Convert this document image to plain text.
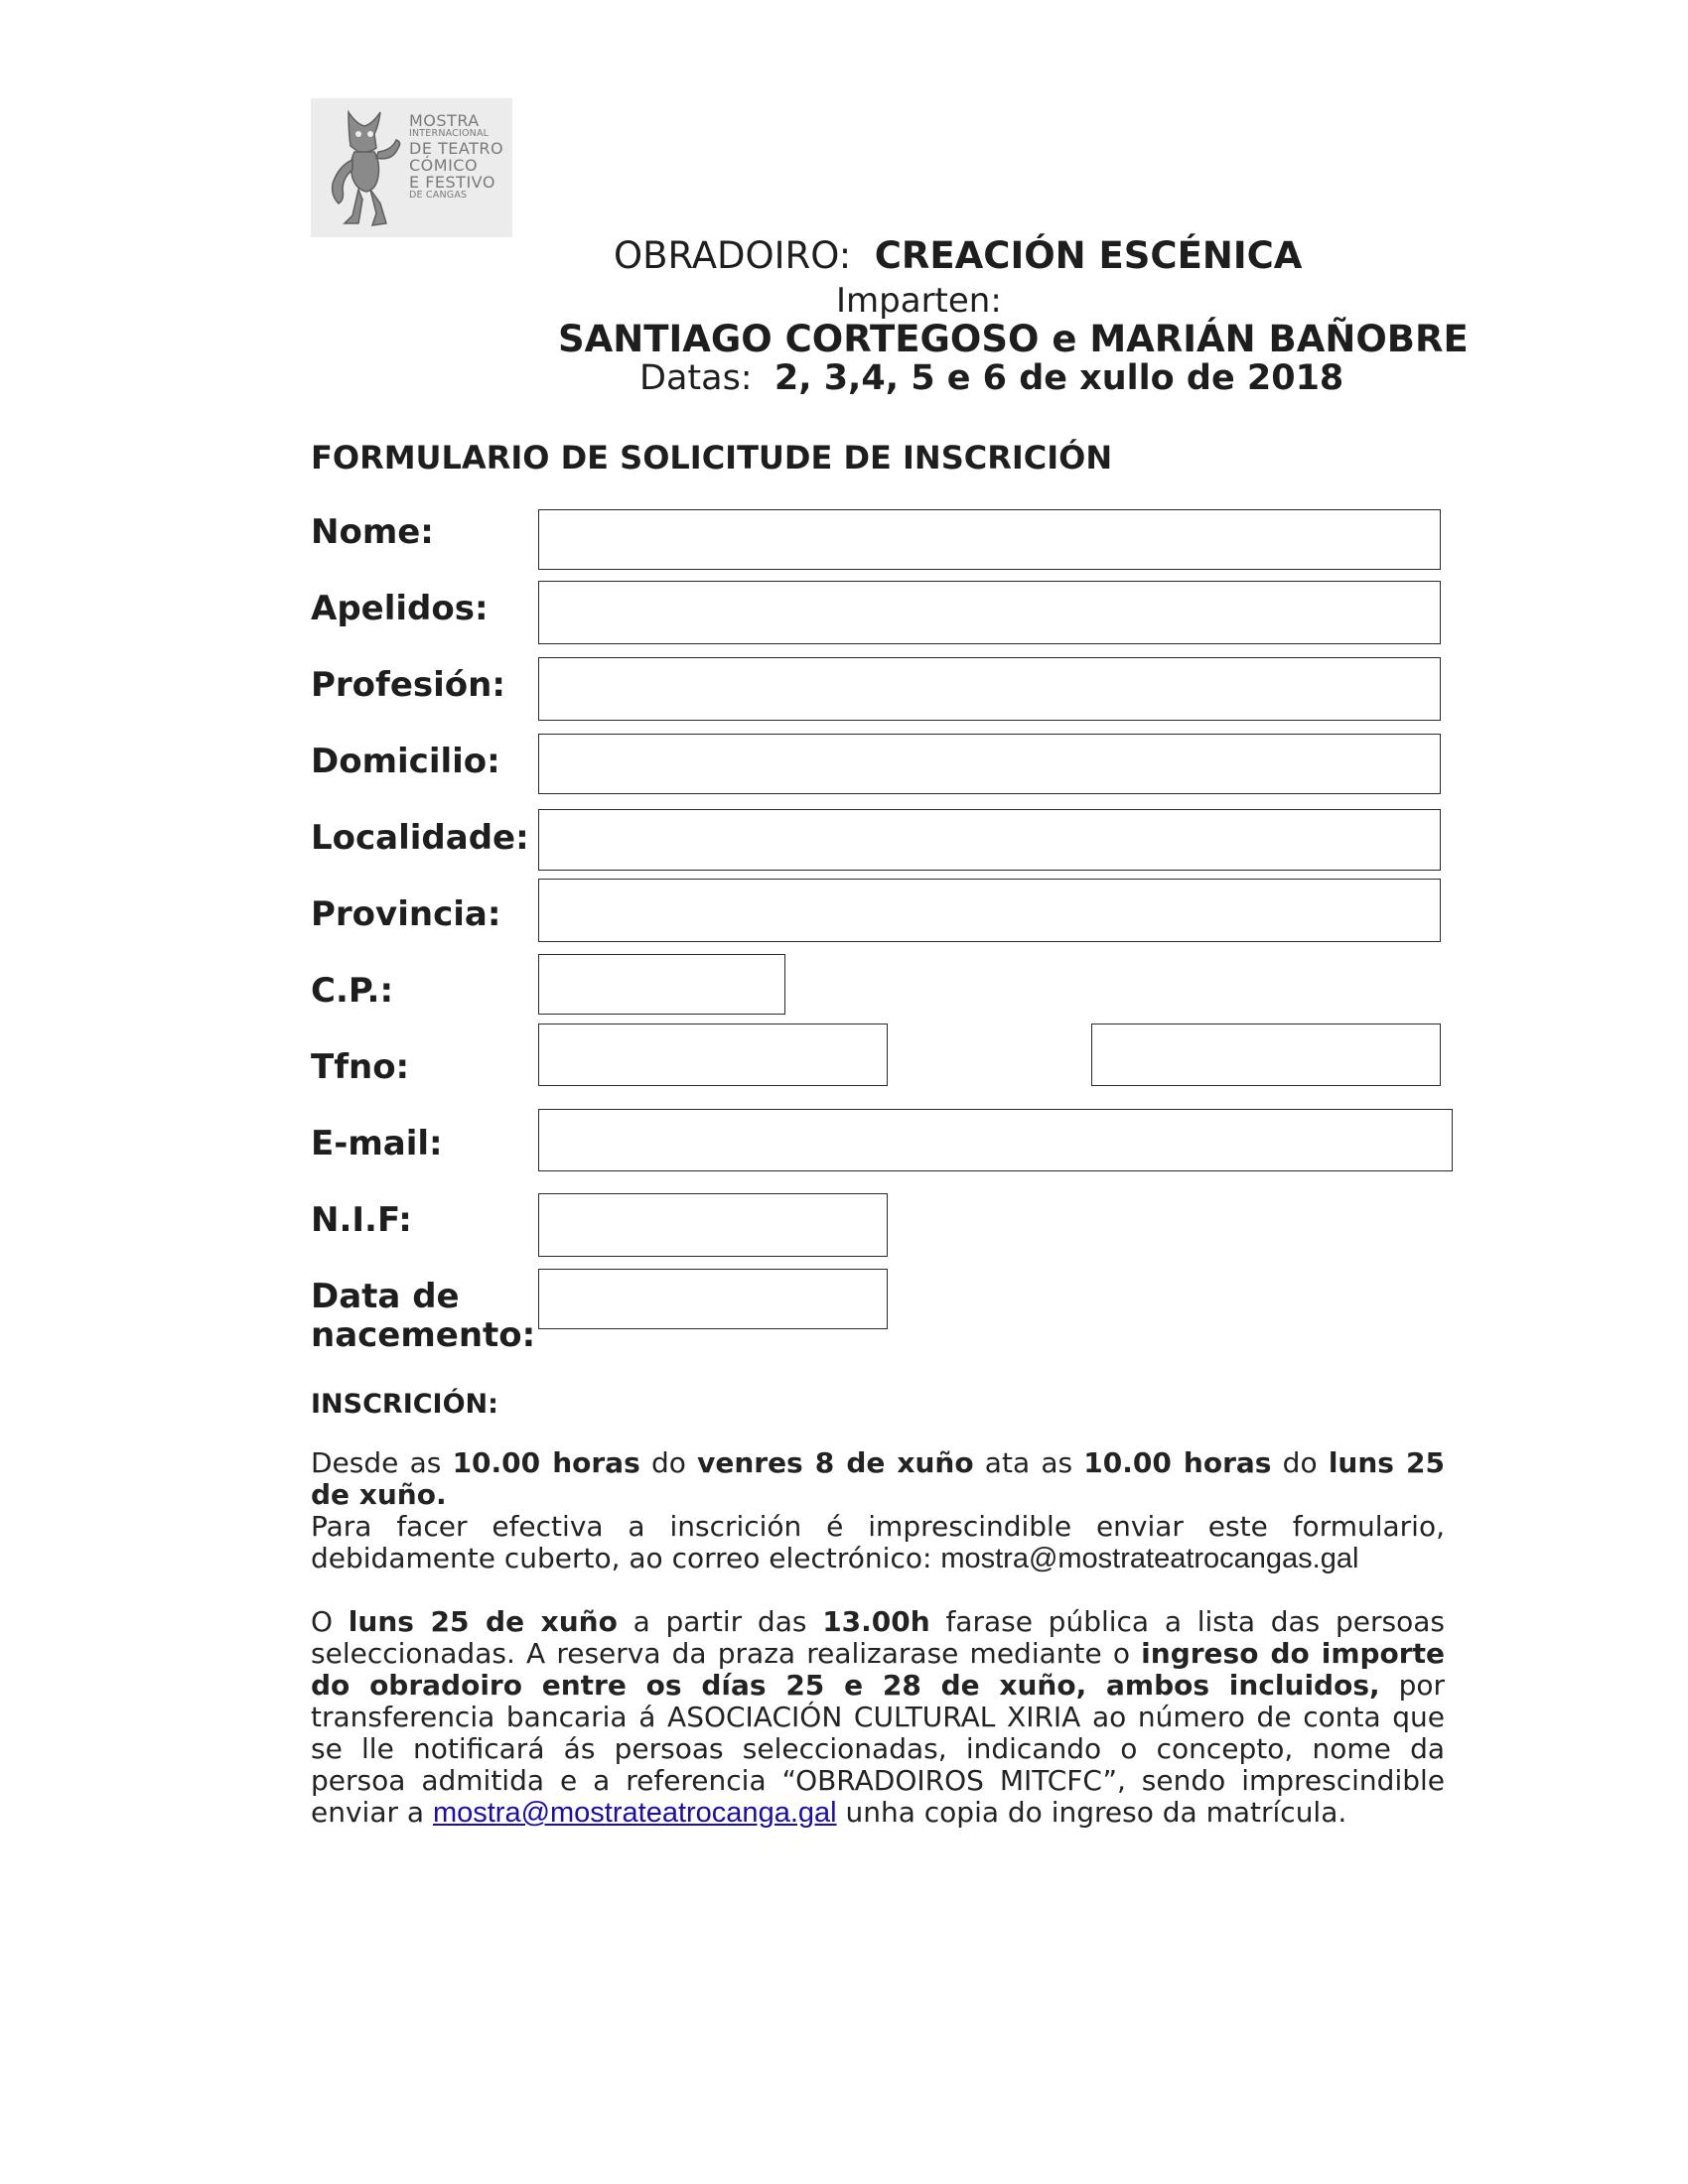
MOSTRA
INTERNACIONAL
DE TEATRO
CÓMICO
E FESTIVO
DE CANGAS
OBRADOIRO: CREACIÓN ESCÉNICA
Imparten:
SANTIAGO CORTEGOSO e MARIÁN BAÑOBRE
Datas: 2, 3,4, 5 e 6 de xullo de 2018
FORMULARIO DE SOLICITUDE DE INSCRICIÓN
Nome:
Apelidos:
Profesión:
Domicilio:
Localidade:
Provincia:
C.P.:
Tfno:
E-mail:
N.I.F:
Data de
nacemento:
INSCRICIÓN:
Desde as 10.00 horas do venres 8 de xuño ata as 10.00 horas do luns 25 de xuño.
Para facer efectiva a inscrición é imprescindible enviar este formulario, debidamente cuberto, ao correo electrónico: mostra@mostrateatrocangas.gal
O luns 25 de xuño a partir das 13.00h farase pública a lista das persoas seleccionadas. A reserva da praza realizarase mediante o ingreso do importe do obradoiro entre os días 25 e 28 de xuño, ambos incluidos, por transferencia bancaria á ASOCIACIÓN CULTURAL XIRIA ao número de conta que se lle notificará ás persoas seleccionadas, indicando o concepto, nome da persoa admitida e a referencia “OBRADOIROS MITCFC”, sendo imprescindible enviar a mostra@mostrateatrocanga.gal unha copia do ingreso da matrícula.
